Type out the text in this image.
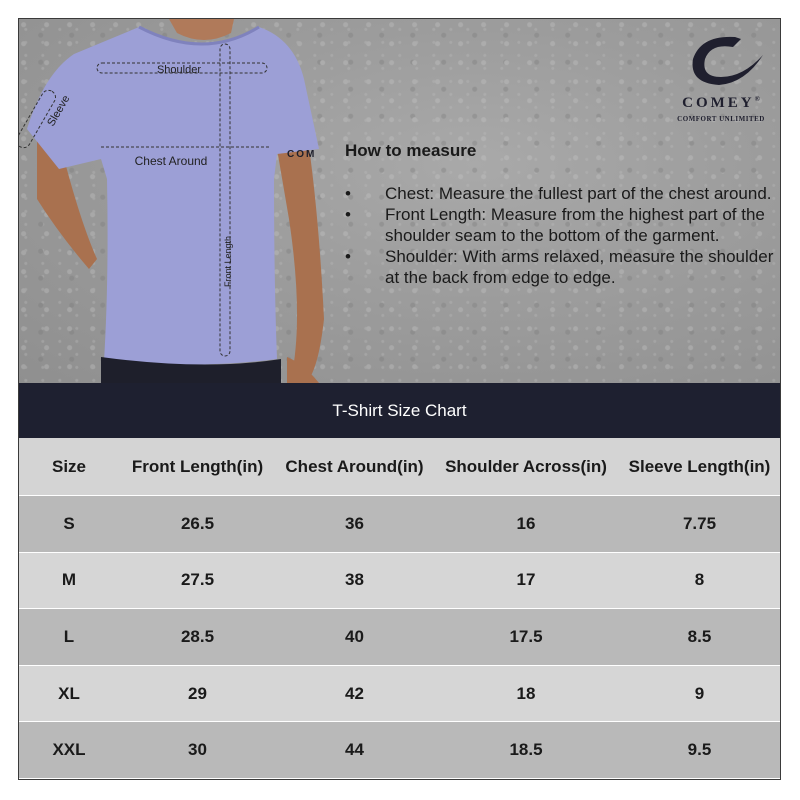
Shoulder
Sleeve
Chest Around
Front Length
COM
COMEY®
COMFORT UNLIMITED
How to measure
• Chest: Measure the fullest part of the chest around.
• Front Length: Measure from the highest part of the shoulder seam to the bottom of the garment.
• Shoulder: With arms relaxed, measure the shoulder at the back from edge to edge.
T-Shirt Size Chart
Size	Front Length(in)	Chest Around(in)	Shoulder Across(in)	Sleeve Length(in)
S	26.5	36	16	7.75
M	27.5	38	17	8
L	28.5	40	17.5	8.5
XL	29	42	18	9
XXL	30	44	18.5	9.5
